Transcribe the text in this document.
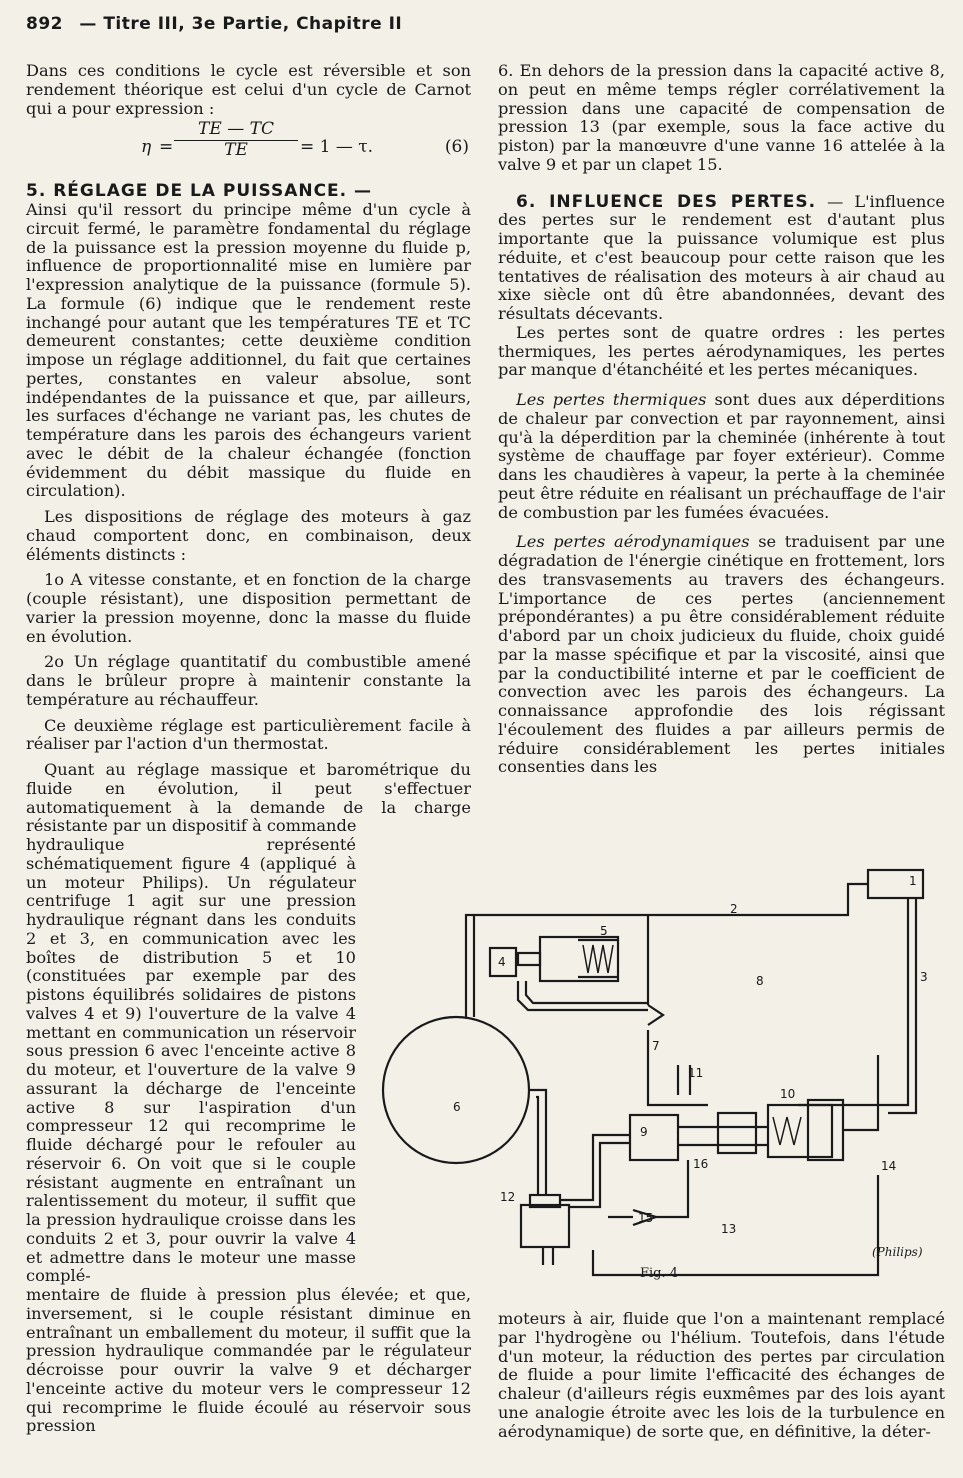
892 — Titre III, 3e Partie, Chapitre II

Dans ces conditions le cycle est réversible et son rendement théorique est celui d'un cycle de Carnot qui a pour expression :

$\eta = \frac{TE — TC}{TE} = 1$ — τ.	(6)

5. RÉGLAGE DE LA PUISSANCE. —

Ainsi qu'il ressort du principe même d'un cycle à circuit fermé, le paramètre fondamental du réglage de la puissance est la pression moyenne du fluide p, influence de proportionnalité mise en lumière par l'expression analytique de la puissance (formule 5). La formule (6) indique que le rendement reste inchangé pour autant que les températures TE et TC demeurent constantes; cette deuxième condition impose un réglage additionnel, du fait que certaines pertes, constantes en valeur absolue, sont indépendantes de la puissance et que, par ailleurs, les surfaces d'échange ne variant pas, les chutes de température dans les parois des échangeurs varient avec le débit de la chaleur échangée (fonction évidemment du débit massique du fluide en circulation).

Les dispositions de réglage des moteurs à gaz chaud comportent donc, en combinaison, deux éléments distincts :

1o A vitesse constante, et en fonction de la charge (couple résistant), une disposition permettant de varier la pression moyenne, donc la masse du fluide en évolution.

2o Un réglage quantitatif du combustible amené dans le brûleur propre à maintenir constante la température au réchauffeur.

Ce deuxième réglage est particulièrement facile à réaliser par l'action d'un thermostat.

Quant au réglage massique et barométrique du fluide en évolution, il peut s'effectuer automatiquement à la demande de la charge résistante par un dispositif à commande

hydraulique représenté schématiquement figure 4 (appliqué à un moteur Philips). Un régulateur centrifuge 1 agit sur une pression hydraulique régnant dans les conduits 2 et 3, en communication avec les boîtes de distribution 5 et 10 (constituées par exemple par des pistons équilibrés solidaires de pistons valves 4 et 9) l'ouverture de la valve 4 mettant en communication un réservoir sous pression 6 avec l'enceinte active 8 du moteur, et l'ouverture de la valve 9 assurant la décharge de l'enceinte active 8 sur l'aspiration d'un compresseur 12 qui recomprime le fluide déchargé pour le refouler au réservoir 6. On voit que si le couple résistant augmente en entraînant un ralentissement du moteur, il suffit que la pression hydraulique croisse dans les conduits 2 et 3, pour ouvrir la valve 4 et admettre dans le moteur une masse complé-

mentaire de fluide à pression plus élevée; et que, inversement, si le couple résistant diminue en entraînant un emballement du moteur, il suffit que la pression hydraulique commandée par le régulateur décroisse pour ouvrir la valve 9 et décharger l'enceinte active du moteur vers le compresseur 12 qui recomprime le fluide écoulé au réservoir sous pression

6. En dehors de la pression dans la capacité active 8, on peut en même temps régler corrélativement la pression dans une capacité de compensation de pression 13 (par exemple, sous la face active du piston) par la manœuvre d'une vanne 16 attelée à la valve 9 et par un clapet 15.

6. INFLUENCE DES PERTES. — L'influence des pertes sur le rendement est d'autant plus importante que la puissance volumique est plus réduite, et c'est beaucoup pour cette raison que les tentatives de réalisation des moteurs à air chaud au xixe siècle ont dû être abandonnées, devant des résultats décevants.

Les pertes sont de quatre ordres : les pertes thermiques, les pertes aérodynamiques, les pertes par manque d'étanchéité et les pertes mécaniques.

Les pertes thermiques sont dues aux déperditions de chaleur par convection et par rayonnement, ainsi qu'à la déperdition par la cheminée (inhérente à tout système de chauffage par foyer extérieur). Comme dans les chaudières à vapeur, la perte à la cheminée peut être réduite en réalisant un préchauffage de l'air de combustion par les fumées évacuées.

Les pertes aérodynamiques se traduisent par une dégradation de l'énergie cinétique en frottement, lors des transvasements au travers des échangeurs. L'importance de ces pertes (anciennement prépondérantes) a pu être considérablement réduite d'abord par un choix judicieux du fluide, choix guidé par la masse spécifique et par la viscosité, ainsi que par la conductibilité interne et par le coefficient de convection avec les parois des échangeurs. La connaissance approfondie des lois régissant l'écoulement des fluides a par ailleurs permis de réduire considérablement les pertes initiales consenties dans les

1
2
3
4
5
6
7
8
9
10
11
12
13
14
15
16
(Philips)
Fig. 4

moteurs à air, fluide que l'on a maintenant remplacé par l'hydrogène ou l'hélium. Toutefois, dans l'étude d'un moteur, la réduction des pertes par circulation de fluide a pour limite l'efficacité des échanges de chaleur (d'ailleurs régis euxmêmes par des lois ayant une analogie étroite avec les lois de la turbulence en aérodynamique) de sorte que, en définitive, la déter-
